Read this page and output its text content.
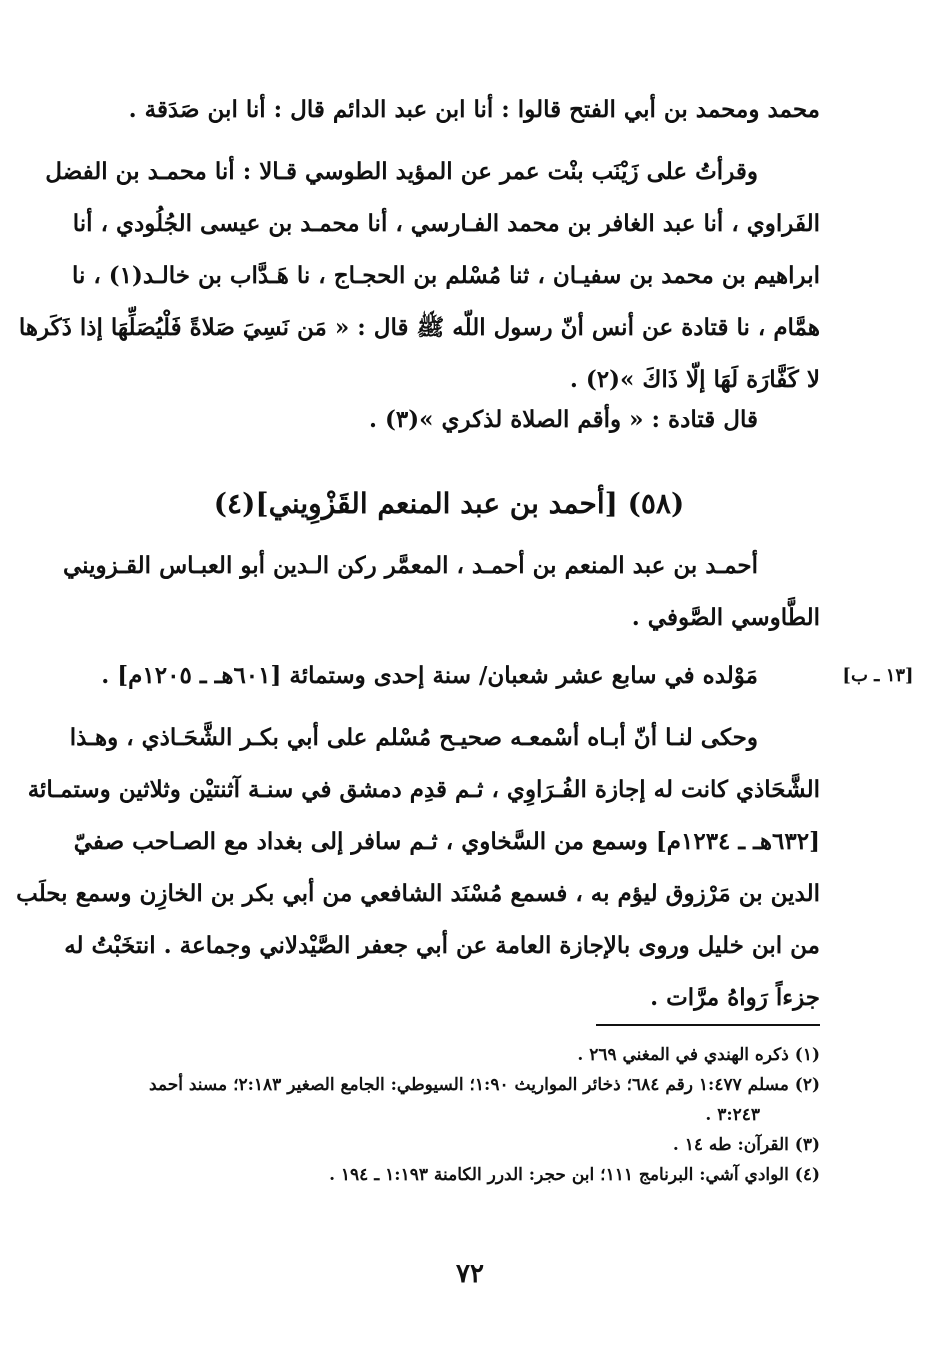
محمد ومحمد بن أبي الفتح قالوا : أنا ابن عبد الدائم قال : أنا ابن صَدَقة .
وقرأتُ على زَيْنَب بنْت عمر عن المؤيد الطوسي قـالا : أنا محمـد بن الفضل
الفَراوي ، أنا عبد الغافر بن محمد الفـارسي ، أنا محمـد بن عيسى الجُلُودي ، أنا
ابراهيم بن محمد بن سفيـان ، ثنا مُسْلم بن الحجـاج ، نا هَـدَّاب بن خالـد(١) ، نا
همَّام ، نا قتادة عن أنس أنّ رسول اللّه ﷺ قال : « مَن نَسِيَ صَلاةً فَلْيُصَلِّهَا إذا ذَكَرها
لا كَفَّارَة لَهَا إلّا ذَاكَ »(٢) .
قال قتادة : « وأقم الصلاة لذكري »(٣) .
(٥٨) [أحمد بن عبد المنعم القَزْوِيني](٤)
أحمـد بن عبد المنعم بن أحمـد ، المعمَّر ركن الـدين أبو العبـاس القـزويني
الطَّاوسي الصَّوفي .
مَوْلده في سابع عشر شعبان/ سنة إحدى وستمائة [٦٠١هـ ـ ١٢٠٥م] .	[١٣ ـ ب]
وحكى لنـا أنّ أبـاه أسْمعـه صحيـح مُسْلم على أبي بكـر الشَّحَـاذي ، وهـذا
الشَّحَاذي كانت له إجازة الفُـرَاوِي ، ثـم قدِم دمشق في سنـة آثنتيْن وثلاثين وستمـائة
[٦٣٢هـ ـ ١٢٣٤م] وسمع من السَّخاوي ، ثـم سافر إلى بغداد مع الصـاحب صفيّ
الدين بن مَرْزوق ليؤم به ، فسمع مُسْنَد الشافعي من أبي بكر بن الخازِن وسمع بحلَب
من ابن خليل وروى بالإجازة العامة عن أبي جعفر الصَّيْدلاني وجماعة . انتخَبْتُ له
جزءاً رَواهُ مرَّات .
(١) ذكره الهندي في المغني ٢٦٩ .
(٢) مسلم ١:٤٧٧ رقم ٦٨٤؛ ذخائر المواريث ١:٩٠؛ السيوطي: الجامع الصغير ٢:١٨٣؛ مسند أحمد
٣:٢٤٣ .
(٣) القرآن: طه ١٤ .
(٤) الوادي آشي: البرنامج ١١١؛ ابن حجر: الدرر الكامنة ١:١٩٣ ـ ١٩٤ .
٧٢
